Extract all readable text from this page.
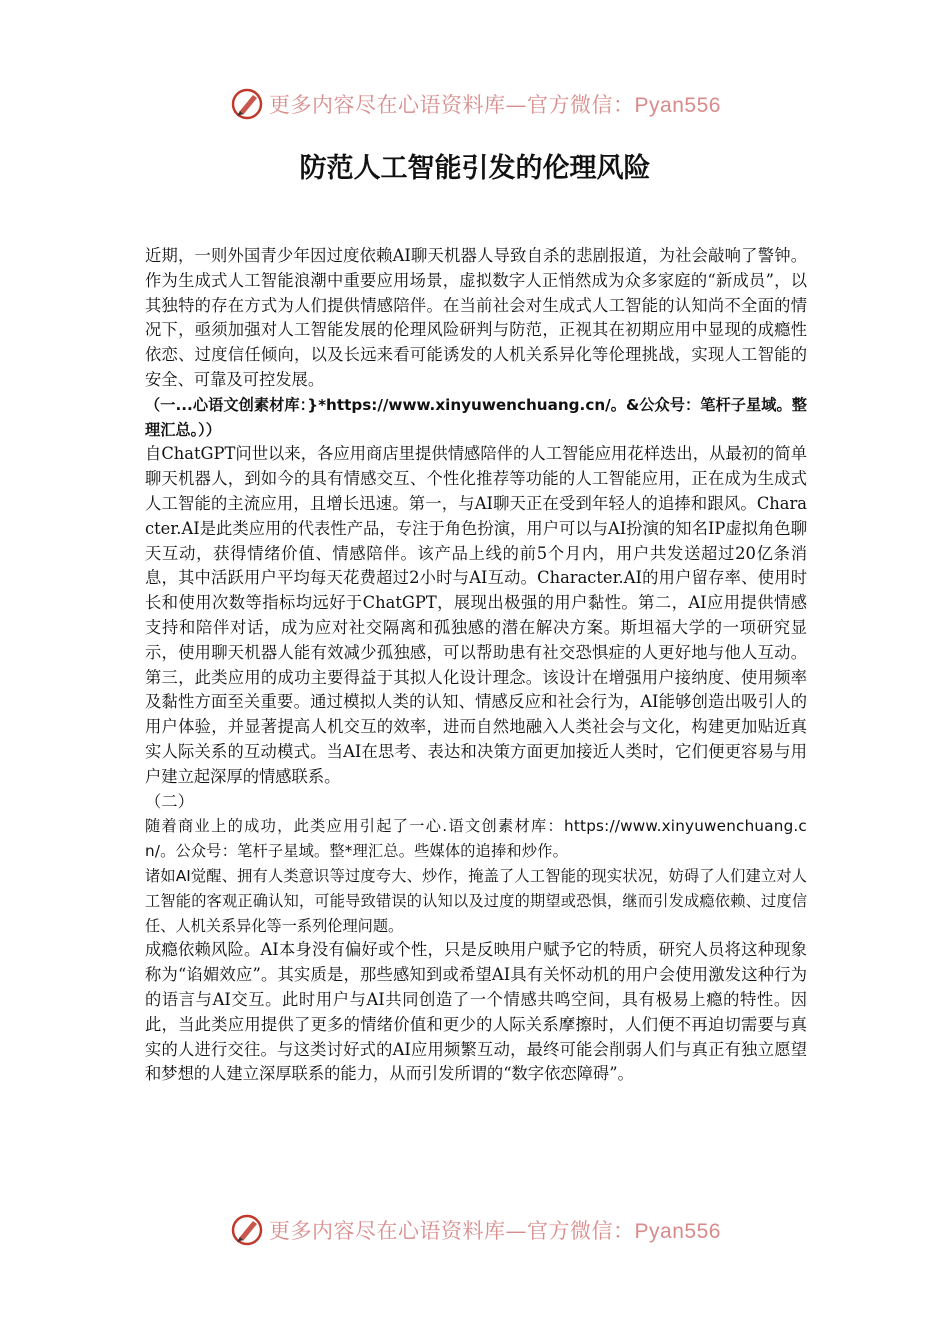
更多内容尽在心语资料库—官方微信：Pyan556
防范人工智能引发的伦理风险

近期，一则外国青少年因过度依赖AI聊天机器人导致自杀的悲剧报道，为社会敲响了警钟。作为生成式人工智能浪潮中重要应用场景，虚拟数字人正悄然成为众多家庭的“新成员”，以其独特的存在方式为人们提供情感陪伴。在当前社会对生成式人工智能的认知尚不全面的情况下，亟须加强对人工智能发展的伦理风险研判与防范，正视其在初期应用中显现的成瘾性依恋、过度信任倾向，以及长远来看可能诱发的人机关系异化等伦理挑战，实现人工智能的安全、可靠及可控发展。

（一...心语文创素材库：}*https://www.xinyuwenchuang.cn/。&公众号：笔杆子星域。整理汇总。））

自ChatGPT问世以来，各应用商店里提供情感陪伴的人工智能应用花样迭出，从最初的简单聊天机器人，到如今的具有情感交互、个性化推荐等功能的人工智能应用，正在成为生成式人工智能的主流应用，且增长迅速。第一，与AI聊天正在受到年轻人的追捧和跟风。Character.AI是此类应用的代表性产品，专注于角色扮演，用户可以与AI扮演的知名IP虚拟角色聊天互动，获得情绪价值、情感陪伴。该产品上线的前5个月内，用户共发送超过20亿条消息，其中活跃用户平均每天花费超过2小时与AI互动。Character.AI的用户留存率、使用时长和使用次数等指标均远好于ChatGPT，展现出极强的用户黏性。第二，AI应用提供情感支持和陪伴对话，成为应对社交隔离和孤独感的潜在解决方案。斯坦福大学的一项研究显示，使用聊天机器人能有效减少孤独感，可以帮助患有社交恐惧症的人更好地与他人互动。第三，此类应用的成功主要得益于其拟人化设计理念。该设计在增强用户接纳度、使用频率及黏性方面至关重要。通过模拟人类的认知、情感反应和社会行为，AI能够创造出吸引人的用户体验，并显著提高人机交互的效率，进而自然地融入人类社会与文化，构建更加贴近真实人际关系的互动模式。当AI在思考、表达和决策方面更加接近人类时，它们便更容易与用户建立起深厚的情感联系。

（二）

随着商业上的成功，此类应用引起了一心.语文创素材库：https://www.xinyuwenchuang.cn/。公众号：笔杆子星域。整*理汇总。些媒体的追捧和炒作。

诸如AI觉醒、拥有人类意识等过度夸大、炒作，掩盖了人工智能的现实状况，妨碍了人们建立对人工智能的客观正确认知，可能导致错误的认知以及过度的期望或恐惧，继而引发成瘾依赖、过度信任、人机关系异化等一系列伦理问题。

成瘾依赖风险。AI本身没有偏好或个性，只是反映用户赋予它的特质，研究人员将这种现象称为“谄媚效应”。其实质是，那些感知到或希望AI具有关怀动机的用户会使用激发这种行为的语言与AI交互。此时用户与AI共同创造了一个情感共鸣空间，具有极易上瘾的特性。因此，当此类应用提供了更多的情绪价值和更少的人际关系摩擦时，人们便不再迫切需要与真实的人进行交往。与这类讨好式的AI应用频繁互动，最终可能会削弱人们与真正有独立愿望和梦想的人建立深厚联系的能力，从而引发所谓的“数字依恋障碍”。

更多内容尽在心语资料库—官方微信：Pyan556
